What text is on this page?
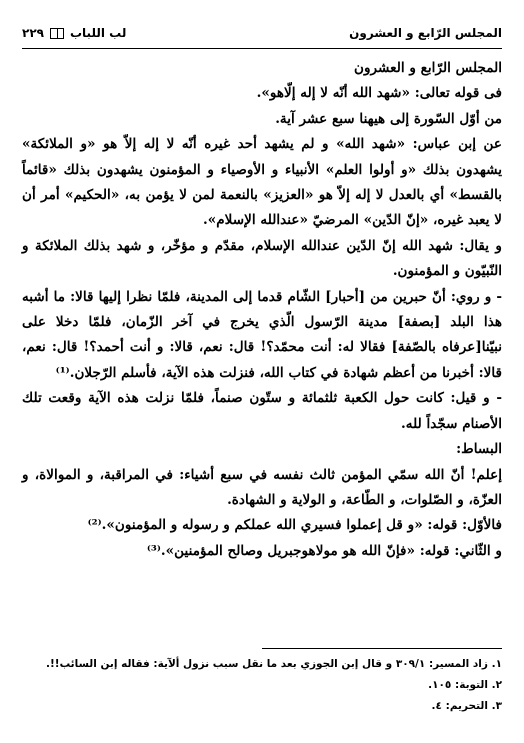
المجلس الرّابع و العشرون
لب اللباب
٢٢٩

المجلس الرّابع و العشرون

فى قوله تعالى: «شهد الله أنّه لا إله إلّاهو».

من أوّل السّورة إلى هيهنا سبع عشر آية.

عن إبن عباس: «شهد الله» و لم يشهد أحد غيره أنّه لا إله إلاّ هو «و الملائكة» يشهدون بذلك «و أولوا العلم» الأنبياء و الأوصياء و المؤمنون يشهدون بذلك «قائماً بالقسط» أي بالعدل لا إله إلاّ هو «العزيز» بالنعمة لمن لا يؤمن به، «الحكيم» أمر أن لا يعبد غيره، «إنّ الدّين» المرضيّ «عندالله الإسلام».

و يقال: شهد الله إنّ الدّين عندالله الإسلام، مقدّم و مؤخّر، و شهد بذلك الملائكة و النّبيّون و المؤمنون.

- و روي: أنّ حبرين من [أحبار] الشّام قدما إلى المدينة، فلمّا نظرا إليها قالا: ما أشبه هذا البلد [بصفة] مدينة الرّسول الّذي يخرج في آخر الزّمان، فلمّا دخلا على نبيّنا[عرفاه بالصّفة] فقالا له: أنت محمّد؟! قال: نعم، قالا: و أنت أحمد؟! قال: نعم، قالا: أخبرنا من أعظم شهادة في كتاب الله، فنزلت هذه الآية، فأسلم الرّجلان.⁽¹⁾

- و قيل: كانت حول الكعبة ثلثمائة و ستّون صنماً، فلمّا نزلت هذه الآية وقعت تلك الأصنام سجّداً لله.

البساط:

إعلم! أنّ الله سمّي المؤمن ثالث نفسه في سبع أشياء: في المراقبة، و الموالاة، و العزّة، و الصّلوات، و الطّاعة، و الولاية و الشهادة.

فالأوّل: قوله: «و قل إعملوا فسيري الله عملكم و رسوله و المؤمنون».⁽²⁾

و الثّاني: قوله: «فإنّ الله هو مولاهوجبريل وصالح المؤمنين».⁽³⁾

١. زاد المسير: ٣٠٩/١ و قال إبن الجوزي بعد ما نقل سبب نزول ألآية: فقاله إبن السائب!!.

٢. التوبة: ١٠٥.

٣. التحريم: ٤.
